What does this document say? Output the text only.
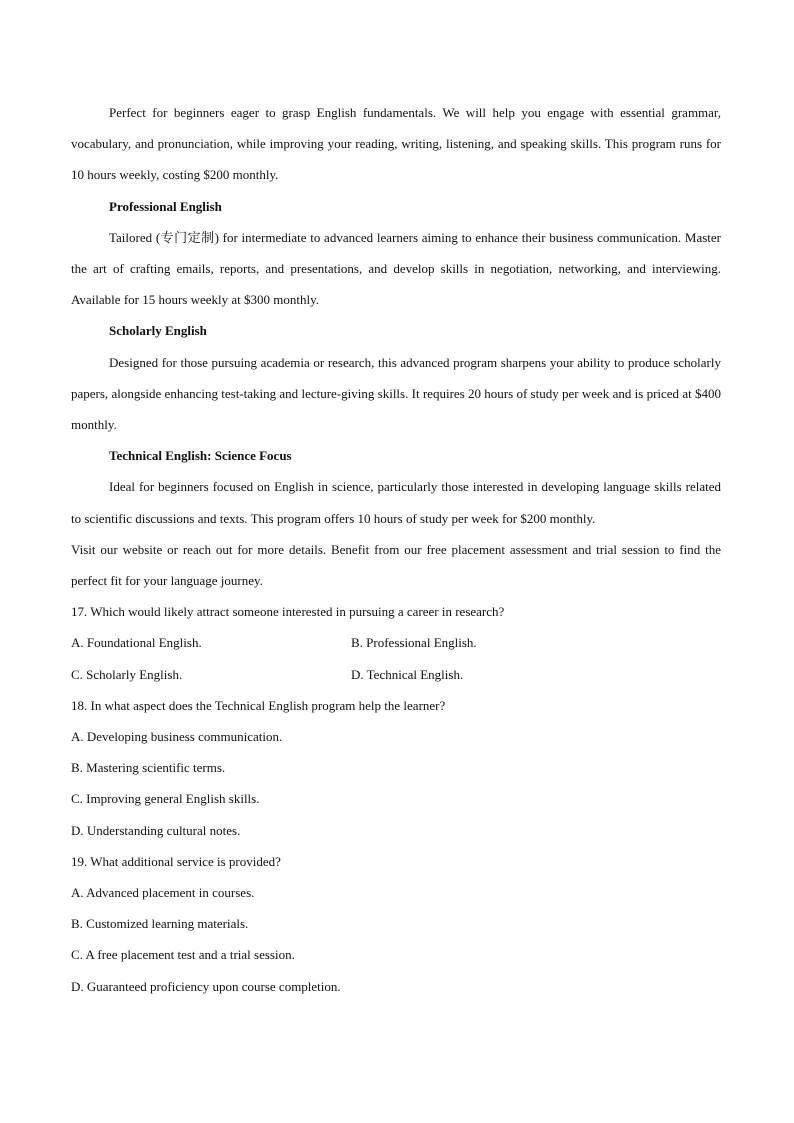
Perfect for beginners eager to grasp English fundamentals. We will help you engage with essential grammar, vocabulary, and pronunciation, while improving your reading, writing, listening, and speaking skills. This program runs for 10 hours weekly, costing $200 monthly.

Professional English

Tailored (专门定制) for intermediate to advanced learners aiming to enhance their business communication. Master the art of crafting emails, reports, and presentations, and develop skills in negotiation, networking, and interviewing. Available for 15 hours weekly at $300 monthly.

Scholarly English

Designed for those pursuing academia or research, this advanced program sharpens your ability to produce scholarly papers, alongside enhancing test-taking and lecture-giving skills. It requires 20 hours of study per week and is priced at $400 monthly.

Technical English: Science Focus

Ideal for beginners focused on English in science, particularly those interested in developing language skills related to scientific discussions and texts. This program offers 10 hours of study per week for $200 monthly.

Visit our website or reach out for more details. Benefit from our free placement assessment and trial session to find the perfect fit for your language journey.

17. Which would likely attract someone interested in pursuing a career in research?

A. Foundational English.	B. Professional English.
C. Scholarly English.	D. Technical English.

18. In what aspect does the Technical English program help the learner?

A. Developing business communication.
B. Mastering scientific terms.
C. Improving general English skills.
D. Understanding cultural notes.

19. What additional service is provided?

A. Advanced placement in courses.
B. Customized learning materials.
C. A free placement test and a trial session.
D. Guaranteed proficiency upon course completion.
